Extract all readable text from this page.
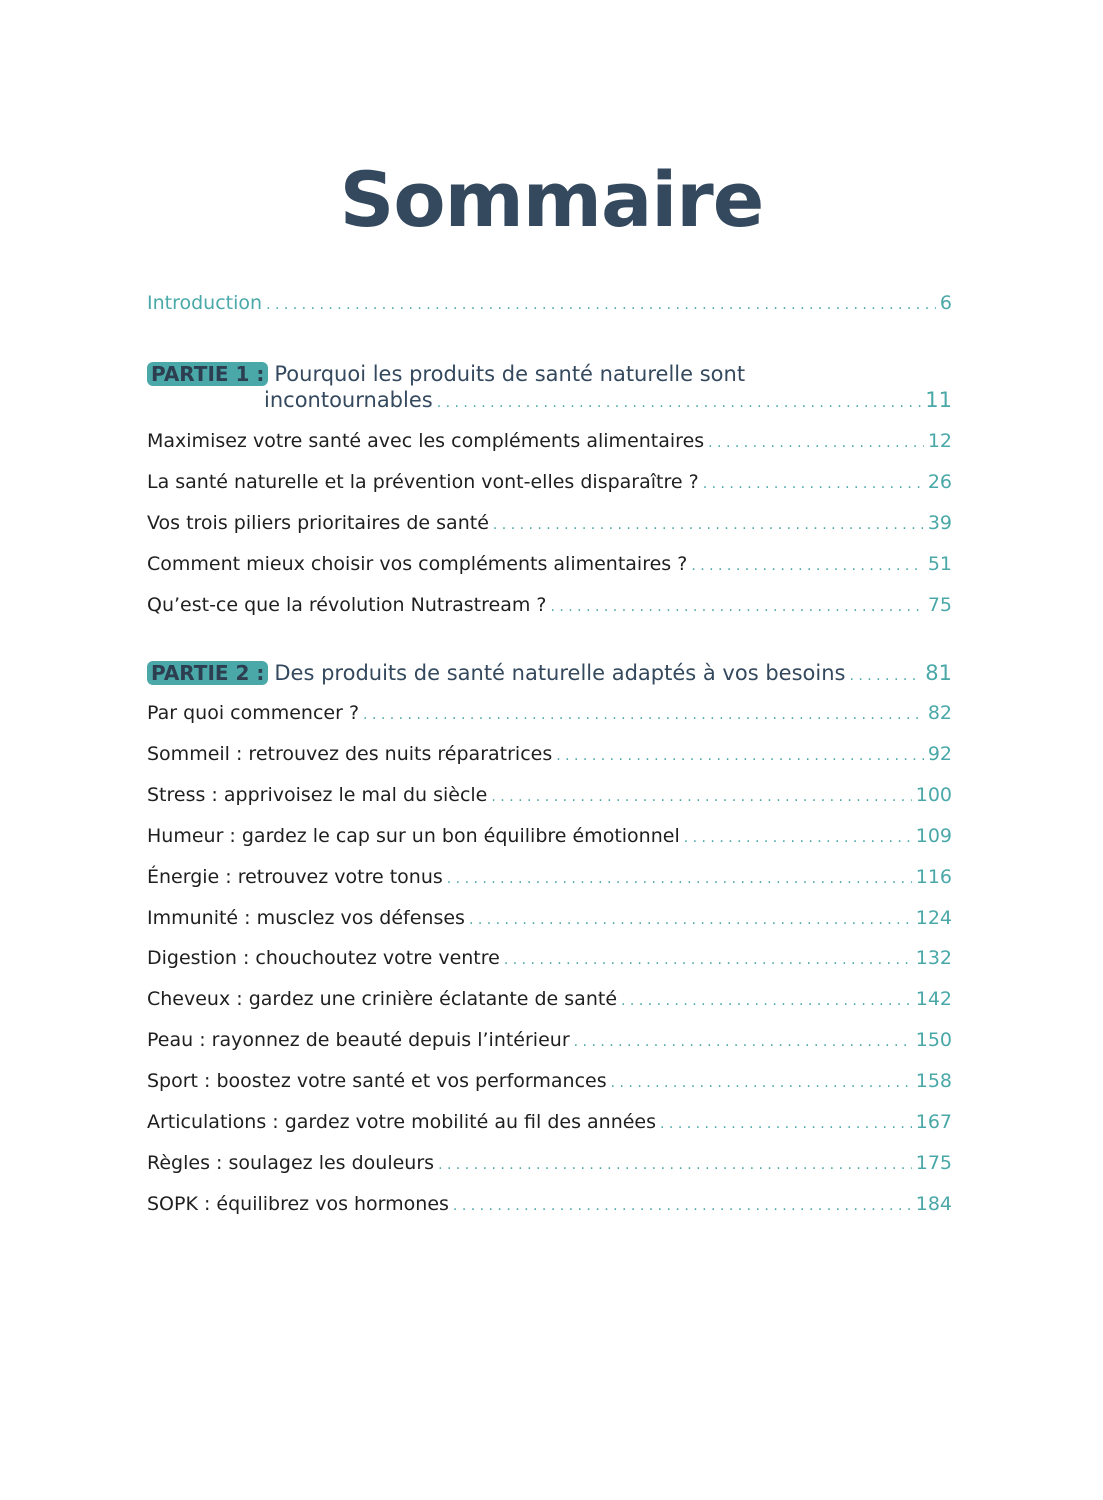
Sommaire
Introduction . . .	6
PARTIE 1 : Pourquoi les produits de santé naturelle sont
incontournables . . .	11
Maximisez votre santé avec les compléments alimentaires . . .	12
La santé naturelle et la prévention vont-elles disparaître ? . . .	26
Vos trois piliers prioritaires de santé . . .	39
Comment mieux choisir vos compléments alimentaires ? . . .	51
Qu’est-ce que la révolution Nutrastream ? . . .	75
PARTIE 2 : Des produits de santé naturelle adaptés à vos besoins . . .	81
Par quoi commencer ? . . .	82
Sommeil : retrouvez des nuits réparatrices . . .	92
Stress : apprivoisez le mal du siècle . . .	100
Humeur : gardez le cap sur un bon équilibre émotionnel . . .	109
Énergie : retrouvez votre tonus . . .	116
Immunité : musclez vos défenses . . .	124
Digestion : chouchoutez votre ventre . . .	132
Cheveux : gardez une crinière éclatante de santé . . .	142
Peau : rayonnez de beauté depuis l’intérieur . . .	150
Sport : boostez votre santé et vos performances . . .	158
Articulations : gardez votre mobilité au fil des années . . .	167
Règles : soulagez les douleurs . . .	175
SOPK : équilibrez vos hormones . . .	184
